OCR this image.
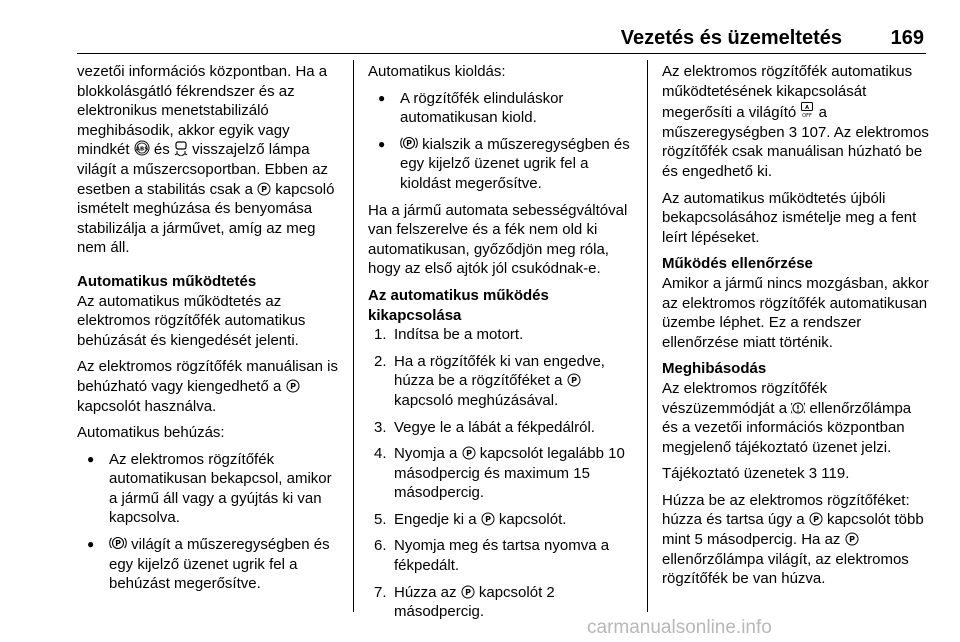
Vezetés és üzemeltetés 169

vezetői információs központban. Ha a blokkolásgátló fékrendszer és az elektronikus menetstabilizáló meghibásodik, akkor egyik vagy mindkét ABS és visszajelző lámpa világít a műszercsoportban. Ebben az esetben a stabilitás csak a P kapcsoló ismételt meghúzása és benyomása stabilizálja a járművet, amíg az meg nem áll.

Automatikus működtetés
Az automatikus működtetés az elektromos rögzítőfék automatikus behúzását és kiengedését jelenti.

Az elektromos rögzítőfék manuálisan is behúzható vagy kiengedhető a P
kapcsolót használva.

Automatikus behúzás:

● Az elektromos rögzítőfék automatikusan bekapcsol, amikor a jármű áll vagy a gyújtás ki van kapcsolva.
● P világít a műszeregységben és egy kijelző üzenet ugrik fel a behúzást megerősítve.

Automatikus kioldás:

● A rögzítőfék elinduláskor automatikusan kiold.
● P kialszik a műszeregységben és egy kijelző üzenet ugrik fel a kioldást megerősítve.

Ha a jármű automata sebességváltóval van felszerelve és a fék nem old ki automatikusan, győződjön meg róla, hogy az első ajtók jól csukódnak-e.

Az automatikus működés kikapcsolása
1. Indítsa be a motort.
2. Ha a rögzítőfék ki van engedve, húzza be a rögzítőféket a P
kapcsoló meghúzásával.
3. Vegye le a lábát a fékpedálról.
4. Nyomja a P kapcsolót legalább 10 másodpercig és maximum 15 másodpercig.
5. Engedje ki a P kapcsolót.
6. Nyomja meg és tartsa nyomva a fékpedált.
7. Húzza az P kapcsolót 2 másodpercig.

Az elektromos rögzítőfék automatikus működtetésének kikapcsolását megerősíti a világító A
OFF a műszeregységben 3 107. Az elektromos rögzítőfék csak manuálisan húzható be és engedhető ki.

Az automatikus működtetés újbóli bekapcsolásához ismételje meg a fent leírt lépéseket.

Működés ellenőrzése
Amikor a jármű nincs mozgásban, akkor az elektromos rögzítőfék automatikusan üzembe léphet. Ez a rendszer ellenőrzése miatt történik.

Meghibásodás
Az elektromos rögzítőfék vészüzemmódját a ellenőrzőlámpa és a vezetői információs központban megjelenő tájékoztató üzenet jelzi.

Tájékoztató üzenetek 3 119.

Húzza be az elektromos rögzítőféket: húzza és tartsa úgy a P kapcsolót több mint 5 másodpercig. Ha az P
ellenőrzőlámpa világít, az elektromos rögzítőfék be van húzva.

carmanualsonline.info
